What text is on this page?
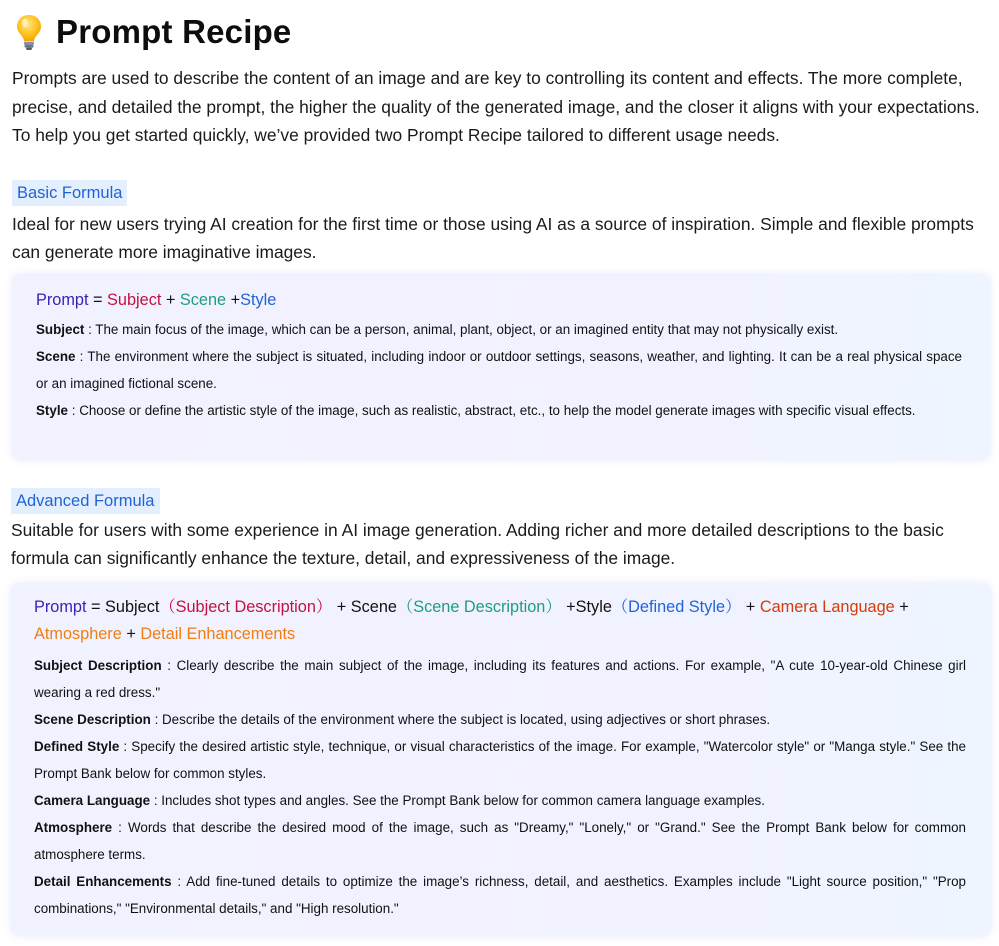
Prompt Recipe
Prompts are used to describe the content of an image and are key to controlling its content and effects. The more complete, precise, and detailed the prompt, the higher the quality of the generated image, and the closer it aligns with your expectations. To help you get started quickly, we’ve provided two Prompt Recipe tailored to different usage needs.
Basic Formula
Ideal for new users trying AI creation for the first time or those using AI as a source of inspiration. Simple and flexible prompts can generate more imaginative images.
Prompt = Subject + Scene +Style

Subject : The main focus of the image, which can be a person, animal, plant, object, or an imagined entity that may not physically exist.

Scene : The environment where the subject is situated, including indoor or outdoor settings, seasons, weather, and lighting. It can be a real physical space or an imagined fictional scene.

Style : Choose or define the artistic style of the image, such as realistic, abstract, etc., to help the model generate images with specific visual effects.

Advanced Formula
Suitable for users with some experience in AI image generation. Adding richer and more detailed descriptions to the basic formula can significantly enhance the texture, detail, and expressiveness of the image.
Prompt = Subject（Subject Description） + Scene（Scene Description） +Style（Defined Style） + Camera Language +
Atmosphere + Detail Enhancements

Subject Description : Clearly describe the main subject of the image, including its features and actions. For example, "A cute 10-year-old Chinese girl wearing a red dress."

Scene Description : Describe the details of the environment where the subject is located, using adjectives or short phrases.

Defined Style : Specify the desired artistic style, technique, or visual characteristics of the image. For example, "Watercolor style" or "Manga style." See the Prompt Bank below for common styles.

Camera Language : Includes shot types and angles. See the Prompt Bank below for common camera language examples.

Atmosphere : Words that describe the desired mood of the image, such as "Dreamy," "Lonely," or "Grand." See the Prompt Bank below for common atmosphere terms.

Detail Enhancements : Add fine-tuned details to optimize the image’s richness, detail, and aesthetics. Examples include "Light source position," "Prop combinations," "Environmental details," and "High resolution."
